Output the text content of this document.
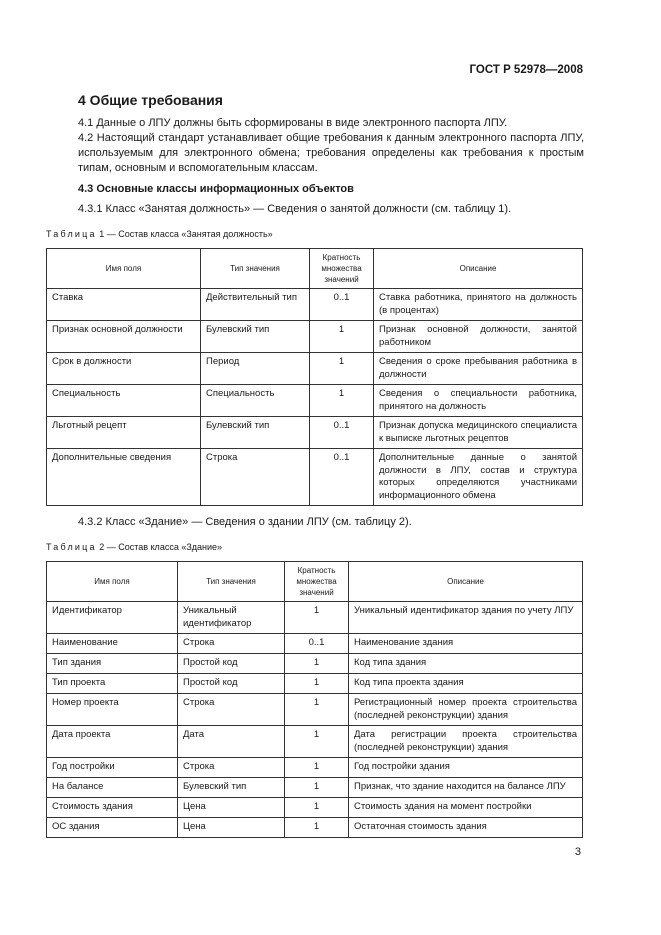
ГОСТ Р 52978—2008
4 Общие требования
4.1 Данные о ЛПУ должны быть сформированы в виде электронного паспорта ЛПУ.
4.2 Настоящий стандарт устанавливает общие требования к данным электронного паспорта ЛПУ, используемым для электронного обмена; требования определены как требования к простым типам, основным и вспомогательным классам.
4.3 Основные классы информационных объектов
4.3.1 Класс «Занятая должность» — Сведения о занятой должности (см. таблицу 1).
Таблица 1 — Состав класса «Занятая должность»
Имя поля	Тип значения	Кратность множества значений	Описание
Ставка	Действительный тип	0..1	Ставка работника, принятого на должность (в процентах)
Признак основной должности	Булевский тип	1	Признак основной должности, занятой работником
Срок в должности	Период	1	Сведения о сроке пребывания работника в должности
Специальность	Специальность	1	Сведения о специальности работника, принятого на должность
Льготный рецепт	Булевский тип	0..1	Признак допуска медицинского специалиста к выписке льготных рецептов
Дополнительные сведения	Строка	0..1	Дополнительные данные о занятой должности в ЛПУ, состав и структура которых определяются участниками информационного обмена
4.3.2 Класс «Здание» — Сведения о здании ЛПУ (см. таблицу 2).
Таблица 2 — Состав класса «Здание»
Имя поля	Тип значения	Кратность множества значений	Описание
Идентификатор	Уникальный идентификатор	1	Уникальный идентификатор здания по учету ЛПУ
Наименование	Строка	0..1	Наименование здания
Тип здания	Простой код	1	Код типа здания
Тип проекта	Простой код	1	Код типа проекта здания
Номер проекта	Строка	1	Регистрационный номер проекта строительства (последней реконструкции) здания
Дата проекта	Дата	1	Дата регистрации проекта строительства (последней реконструкции) здания
Год постройки	Строка	1	Год постройки здания
На балансе	Булевский тип	1	Признак, что здание находится на балансе ЛПУ
Стоимость здания	Цена	1	Стоимость здания на момент постройки
ОС здания	Цена	1	Остаточная стоимость здания
3
